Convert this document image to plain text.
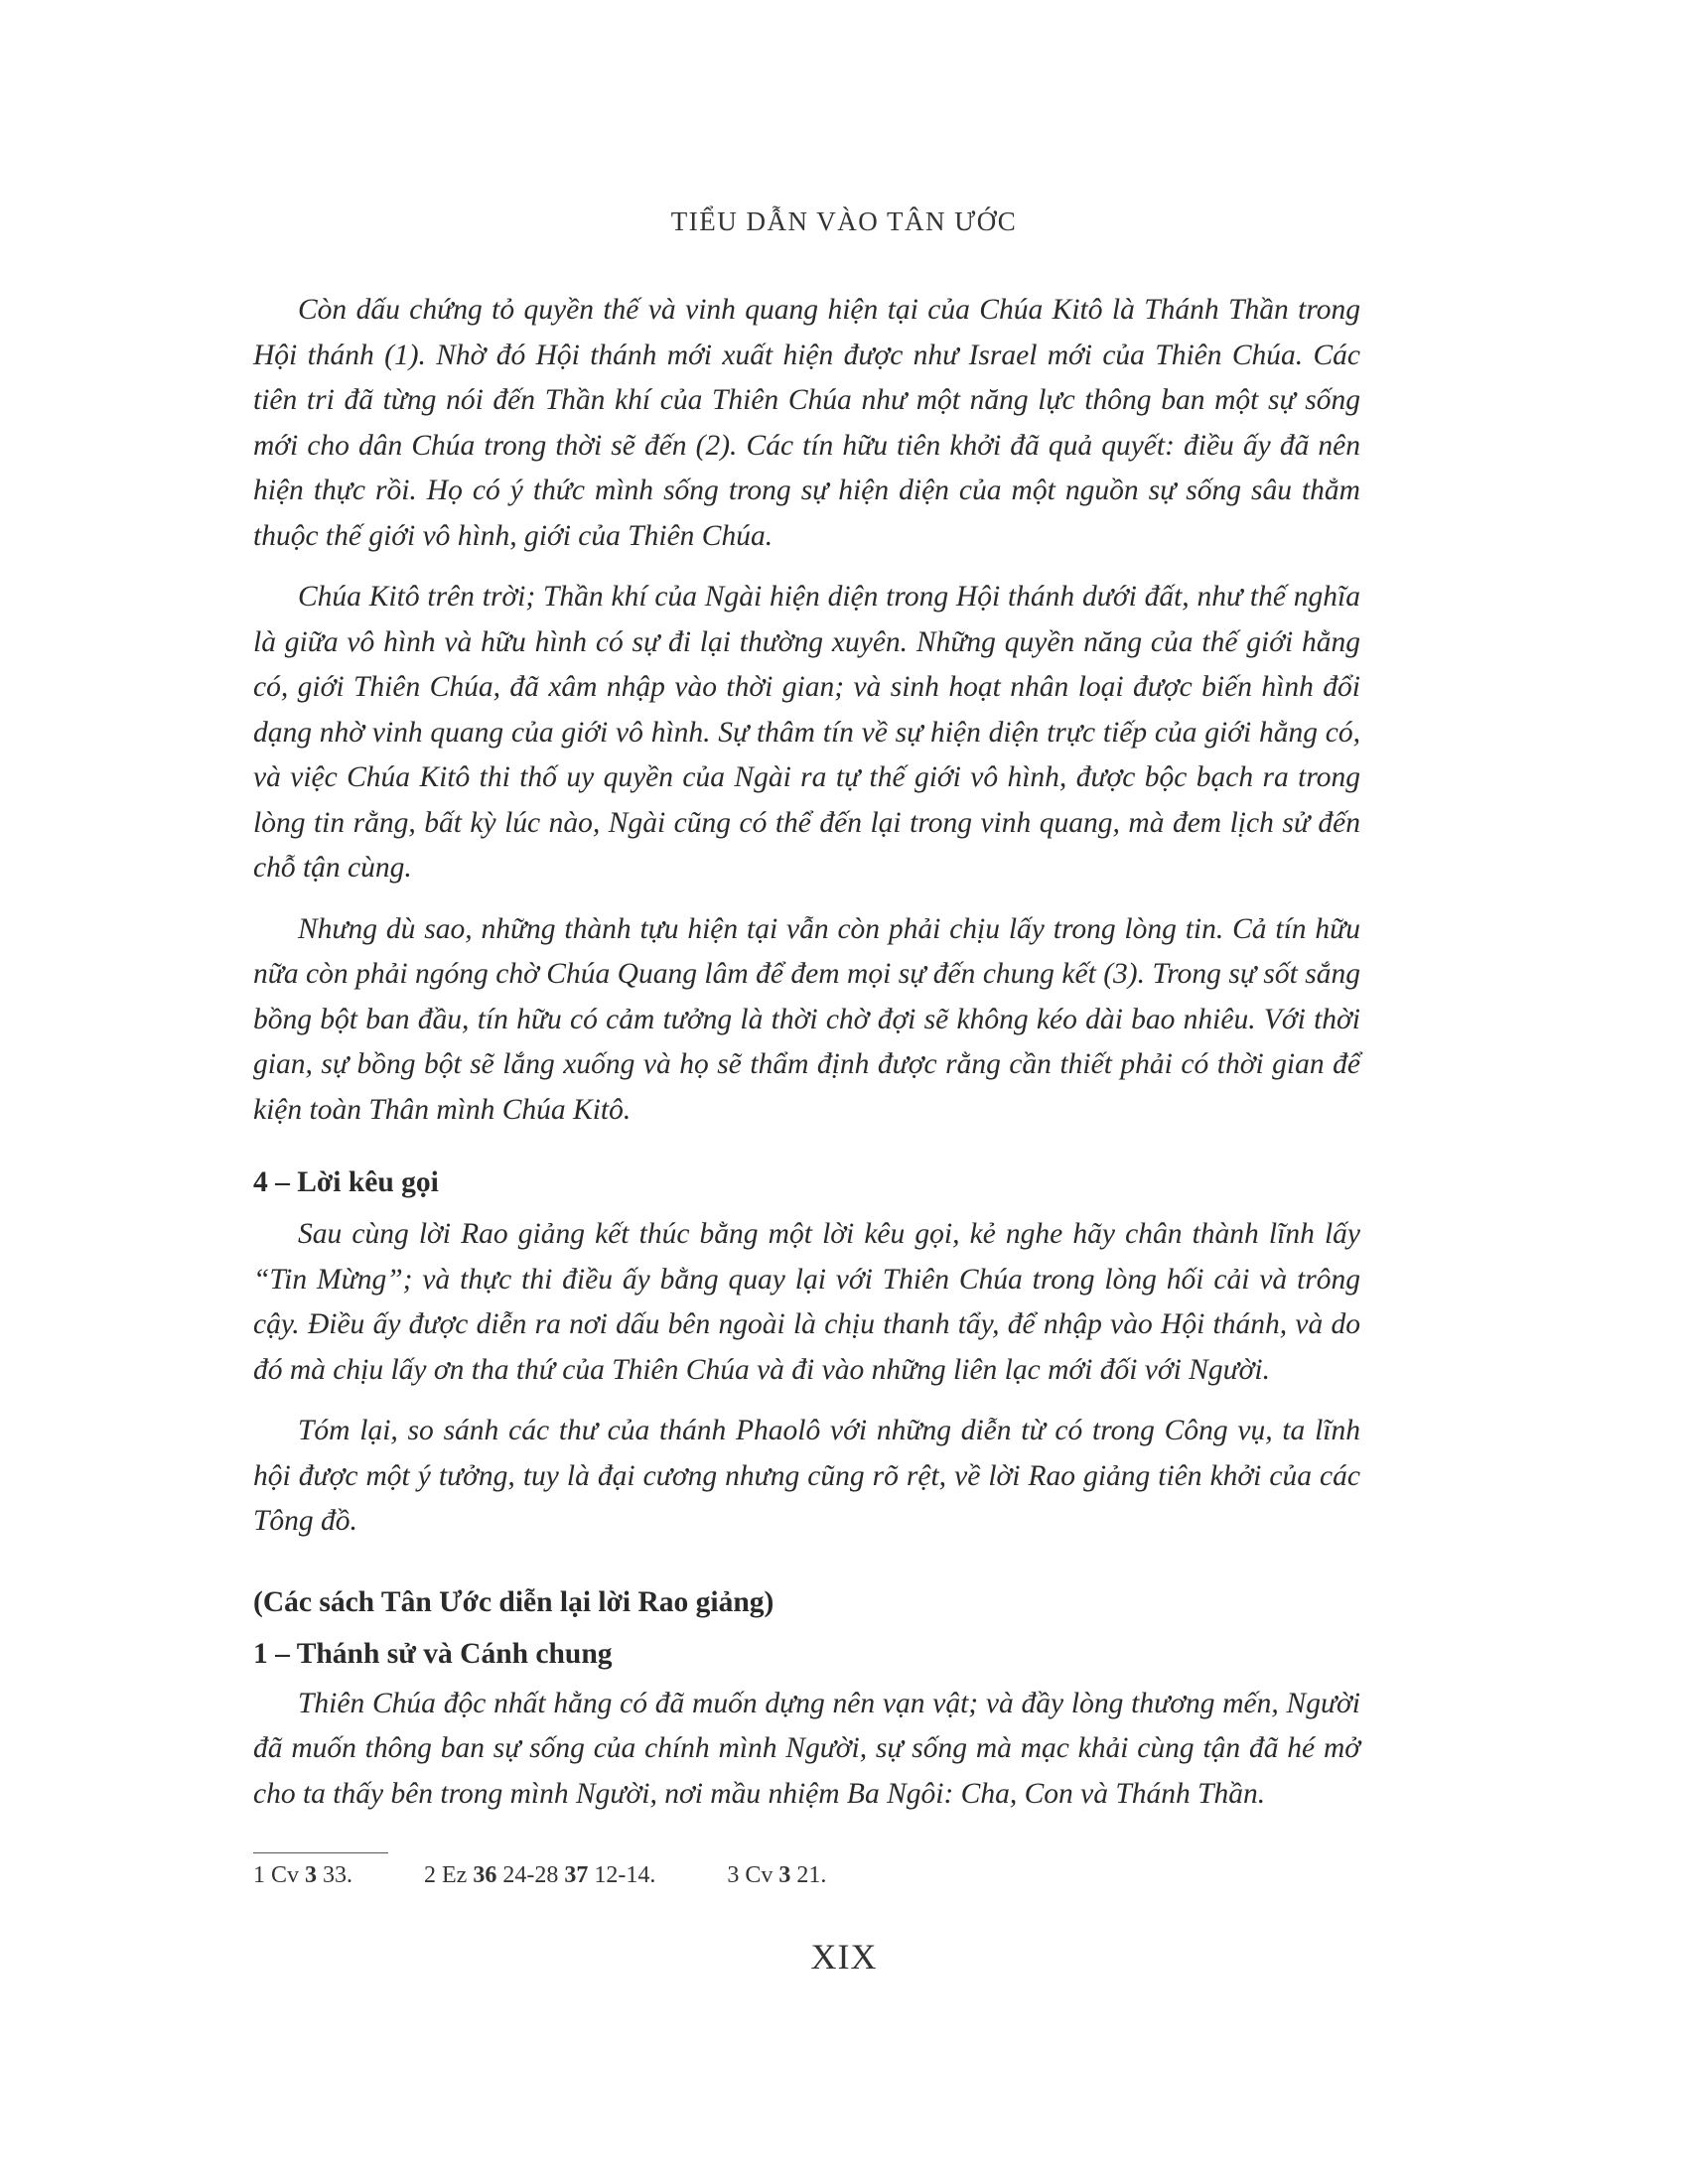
TIỂU DẪN VÀO TÂN ƯỚC

Còn dấu chứng tỏ quyền thế và vinh quang hiện tại của Chúa Kitô là Thánh Thần trong Hội thánh (1). Nhờ đó Hội thánh mới xuất hiện được như Israel mới của Thiên Chúa. Các tiên tri đã từng nói đến Thần khí của Thiên Chúa như một năng lực thông ban một sự sống mới cho dân Chúa trong thời sẽ đến (2). Các tín hữu tiên khởi đã quả quyết: điều ấy đã nên hiện thực rồi. Họ có ý thức mình sống trong sự hiện diện của một nguồn sự sống sâu thẳm thuộc thế giới vô hình, giới của Thiên Chúa.

Chúa Kitô trên trời; Thần khí của Ngài hiện diện trong Hội thánh dưới đất, như thế nghĩa là giữa vô hình và hữu hình có sự đi lại thường xuyên. Những quyền năng của thế giới hằng có, giới Thiên Chúa, đã xâm nhập vào thời gian; và sinh hoạt nhân loại được biến hình đổi dạng nhờ vinh quang của giới vô hình. Sự thâm tín về sự hiện diện trực tiếp của giới hằng có, và việc Chúa Kitô thi thố uy quyền của Ngài ra tự thế giới vô hình, được bộc bạch ra trong lòng tin rằng, bất kỳ lúc nào, Ngài cũng có thể đến lại trong vinh quang, mà đem lịch sử đến chỗ tận cùng.

Nhưng dù sao, những thành tựu hiện tại vẫn còn phải chịu lấy trong lòng tin. Cả tín hữu nữa còn phải ngóng chờ Chúa Quang lâm để đem mọi sự đến chung kết (3). Trong sự sốt sắng bồng bột ban đầu, tín hữu có cảm tưởng là thời chờ đợi sẽ không kéo dài bao nhiêu. Với thời gian, sự bồng bột sẽ lắng xuống và họ sẽ thẩm định được rằng cần thiết phải có thời gian để kiện toàn Thân mình Chúa Kitô.

4 – Lời kêu gọi

Sau cùng lời Rao giảng kết thúc bằng một lời kêu gọi, kẻ nghe hãy chân thành lĩnh lấy “Tin Mừng”; và thực thi điều ấy bằng quay lại với Thiên Chúa trong lòng hối cải và trông cậy. Điều ấy được diễn ra nơi dấu bên ngoài là chịu thanh tẩy, để nhập vào Hội thánh, và do đó mà chịu lấy ơn tha thứ của Thiên Chúa và đi vào những liên lạc mới đối với Người.

Tóm lại, so sánh các thư của thánh Phaolô với những diễn từ có trong Công vụ, ta lĩnh hội được một ý tưởng, tuy là đại cương nhưng cũng rõ rệt, về lời Rao giảng tiên khởi của các Tông đồ.

(Các sách Tân Ước diễn lại lời Rao giảng)
1 – Thánh sử và Cánh chung

Thiên Chúa độc nhất hằng có đã muốn dựng nên vạn vật; và đầy lòng thương mến, Người đã muốn thông ban sự sống của chính mình Người, sự sống mà mạc khải cùng tận đã hé mở cho ta thấy bên trong mình Người, nơi mầu nhiệm Ba Ngôi: Cha, Con và Thánh Thần.

1 Cv 3 33.	2 Ez 36 24-28 37 12-14.	3 Cv 3 21.
XIX
